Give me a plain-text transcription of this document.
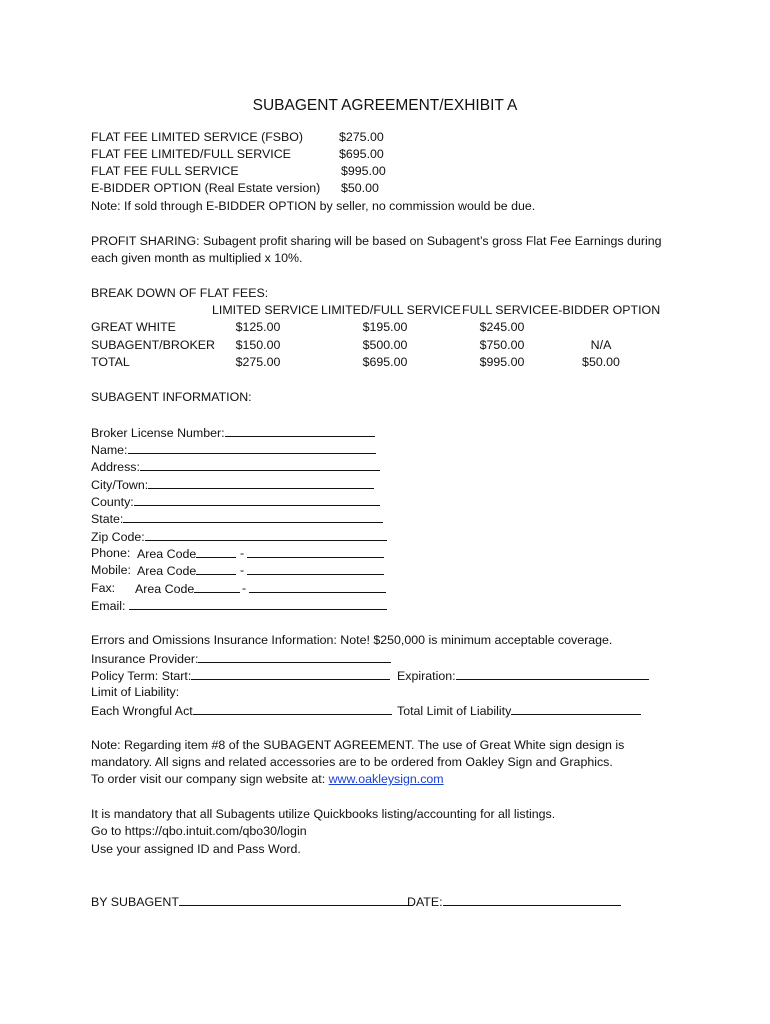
SUBAGENT AGREEMENT/EXHIBIT A
FLAT FEE LIMITED SERVICE (FSBO)	$275.00
FLAT FEE LIMITED/FULL SERVICE	$695.00
FLAT FEE FULL SERVICE	$995.00
E-BIDDER OPTION (Real Estate version) $50.00
Note: If sold through E-BIDDER OPTION by seller, no commission would be due.
PROFIT SHARING: Subagent profit sharing will be based on Subagent’s gross Flat Fee Earnings during
each given month as multiplied x 10%.
BREAK DOWN OF FLAT FEES:
LIMITED SERVICE LIMITED/FULL SERVICE FULL SERVICE E-BIDDER OPTION
GREAT WHITE	$125.00	$195.00	$245.00
SUBAGENT/BROKER	$150.00	$500.00	$750.00	N/A
TOTAL	$275.00	$695.00	$995.00	$50.00
SUBAGENT INFORMATION:
Broker License Number:
Name:
Address:
City/Town:
County:
State:
Zip Code:
Phone: Area Code	-
Mobile: Area Code	-
Fax: Area Code	-
Email:
Errors and Omissions Insurance Information: Note! $250,000 is minimum acceptable coverage.
Insurance Provider:
Policy Term: Start:	Expiration:
Limit of Liability:
Each Wrongful Act	Total Limit of Liability
Note: Regarding item #8 of the SUBAGENT AGREEMENT. The use of Great White sign design is
mandatory. All signs and related accessories are to be ordered from Oakley Sign and Graphics.
To order visit our company sign website at: www.oakleysign.com
It is mandatory that all Subagents utilize Quickbooks listing/accounting for all listings.
Go to https://qbo.intuit.com/qbo30/login
Use your assigned ID and Pass Word.
BY SUBAGENT	DATE:
